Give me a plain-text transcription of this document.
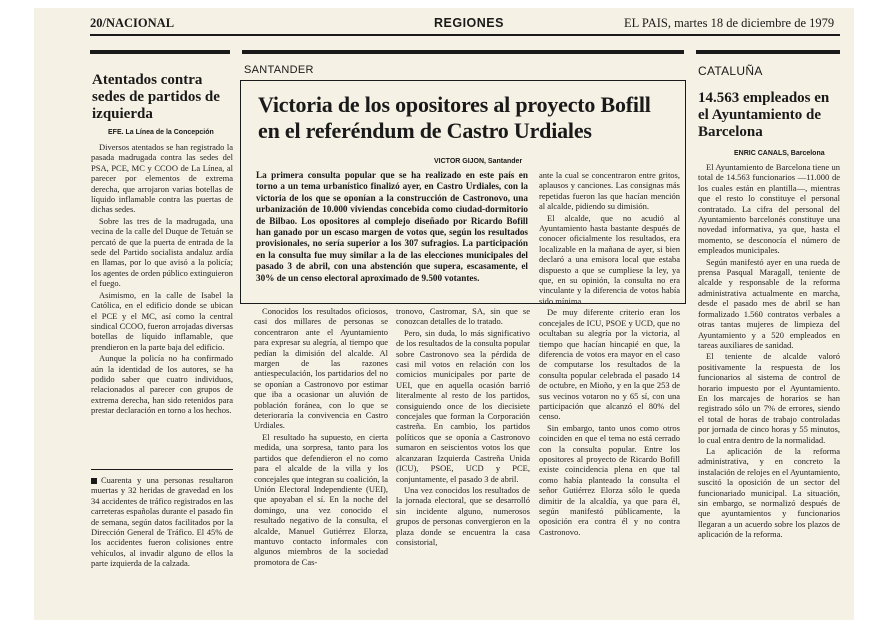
20/NACIONAL	REGIONES	EL PAIS, martes 18 de diciembre de 1979
Atentados contra sedes de partidos de izquierda
EFE. La Línea de la Concepción

Diversos atentados se han registrado la pasada madrugada contra las sedes del PSA, PCE, MC y CCOO de La Línea, al parecer por elementos de extrema derecha, que arrojaron varias botellas de líquido inflamable contra las puertas de dichas sedes.

Sobre las tres de la madrugada, una vecina de la calle del Duque de Tetuán se percató de que la puerta de entrada de la sede del Partido socialista andaluz ardía en llamas, por lo que avisó a la policía; los agentes de orden público extinguieron el fuego.

Asimismo, en la calle de Isabel la Católica, en el edificio donde se ubican el PCE y el MC, así como la central sindical CCOO, fueron arrojadas diversas botellas de líquido inflamable, que prendieron en la parte baja del edificio.

Aunque la policía no ha confirmado aún la identidad de los autores, se ha podido saber que cuatro individuos, relacionados al parecer con grupos de extrema derecha, han sido retenidos para prestar declaración en torno a los hechos.

Cuarenta y una personas resultaron muertas y 32 heridas de gravedad en los 34 accidentes de tráfico registrados en las carreteras españolas durante el pasado fin de semana, según datos facilitados por la Dirección General de Tráfico. El 45% de los accidentes fueron colisiones entre vehículos, al invadir alguno de ellos la parte izquierda de la calzada.

SANTANDER
Victoria de los opositores al proyecto Bofill en el referéndum de Castro Urdiales
VICTOR GIJON, Santander
La primera consulta popular que se ha realizado en este país en torno a un tema urbanístico finalizó ayer, en Castro Urdiales, con la victoria de los que se oponían a la construcción de Castronovo, una urbanización de 10.000 viviendas concebida como ciudad-dormitorio de Bilbao. Los opositores al complejo diseñado por Ricardo Bofill han ganado por un escaso margen de votos que, según los resultados provisionales, no sería superior a los 307 sufragios. La participación en la consulta fue muy similar a la de las elecciones municipales del pasado 3 de abril, con una abstención que supera, escasamente, el 30% de un censo electoral aproximado de 9.500 votantes.

Conocidos los resultados oficiosos, casi dos millares de personas se concentraron ante el Ayuntamiento para expresar su alegría, al tiempo que pedían la dimisión del alcalde. Al margen de las razones antiespeculación, los partidarios del no se oponían a Castronovo por estimar que iba a ocasionar un aluvión de población foránea, con lo que se deterioraría la convivencia en Castro Urdiales.

El resultado ha supuesto, en cierta medida, una sorpresa, tanto para los partidos que defendieron el no como para el alcalde de la villa y los concejales que integran su coalición, la Unión Electoral Independiente (UEI), que apoyaban el sí. En la noche del domingo, una vez conocido el resultado negativo de la consulta, el alcalde, Manuel Gutiérrez Elorza, mantuvo contacto informales con algunos miembros de la sociedad promotora de Cas-

tronovo, Castromar, SA, sin que se conozcan detalles de lo tratado.

Pero, sin duda, lo más significativo de los resultados de la consulta popular sobre Castronovo sea la pérdida de casi mil votos en relación con los comicios municipales por parte de UEI, que en aquella ocasión barrió literalmente al resto de los partidos, consiguiendo once de los diecisiete concejales que forman la Corporación castreña. En cambio, los partidos políticos que se oponía a Castronovo sumaron en seiscientos votos los que alcanzaran Izquierda Castreña Unida (ICU), PSOE, UCD y PCE, conjuntamente, el pasado 3 de abril.

Una vez conocidos los resultados de la jornada electoral, que se desarrolló sin incidente alguno, numerosos grupos de personas convergieron en la plaza donde se encuentra la casa consistorial,

ante la cual se concentraron entre gritos, aplausos y canciones. Las consignas más repetidas fueron las que hacían mención al alcalde, pidiendo su dimisión.

El alcalde, que no acudió al Ayuntamiento hasta bastante después de conocer oficialmente los resultados, era localizable en la mañana de ayer, si bien declaró a una emisora local que estaba dispuesto a que se cumpliese la ley, ya que, en su opinión, la consulta no era vinculante y la diferencia de votos había sido mínima.

De muy diferente criterio eran los concejales de ICU, PSOE y UCD, que no ocultaban su alegría por la victoria, al tiempo que hacían hincapié en que, la diferencia de votos era mayor en el caso de computarse los resultados de la consulta popular celebrada el pasado 14 de octubre, en Mioño, y en la que 253 de sus vecinos votaron no y 65 sí, con una participación que alcanzó el 80% del censo.

Sin embargo, tanto unos como otros coinciden en que el tema no está cerrado con la consulta popular. Entre los opositores al proyecto de Ricardo Bofill existe coincidencia plena en que tal como había planteado la consulta el señor Gutiérrez Elorza sólo le queda dimitir de la alcaldía, ya que para él, según manifestó públicamente, la oposición era contra él y no contra Castronovo.

CATALUÑA
14.563 empleados en el Ayuntamiento de Barcelona
ENRIC CANALS, Barcelona

El Ayuntamiento de Barcelona tiene un total de 14.563 funcionarios —11.000 de los cuales están en plantilla—, mientras que el resto lo constituye el personal contratado. La cifra del personal del Ayuntamiento barcelonés constituye una novedad informativa, ya que, hasta el momento, se desconocía el número de empleados municipales.

Según manifestó ayer en una rueda de prensa Pasqual Maragall, teniente de alcalde y responsable de la reforma administrativa actualmente en marcha, desde el pasado mes de abril se han formalizado 1.560 contratos verbales a otras tantas mujeres de limpieza del Ayuntamiento y a 520 empleados en tareas auxiliares de sanidad.

El teniente de alcalde valoró positivamente la respuesta de los funcionarios al sistema de control de horario impuesto por el Ayuntamiento. En los marcajes de horarios se han registrado sólo un 7% de errores, siendo el total de horas de trabajo controladas por jornada de cinco horas y 55 minutos, lo cual entra dentro de la normalidad.

La aplicación de la reforma administrativa, y en concreto la instalación de relojes en el Ayuntamiento, suscitó la oposición de un sector del funcionariado municipal. La situación, sin embargo, se normalizó después de que ayuntamientos y funcionarios llegaran a un acuerdo sobre los plazos de aplicación de la reforma.
